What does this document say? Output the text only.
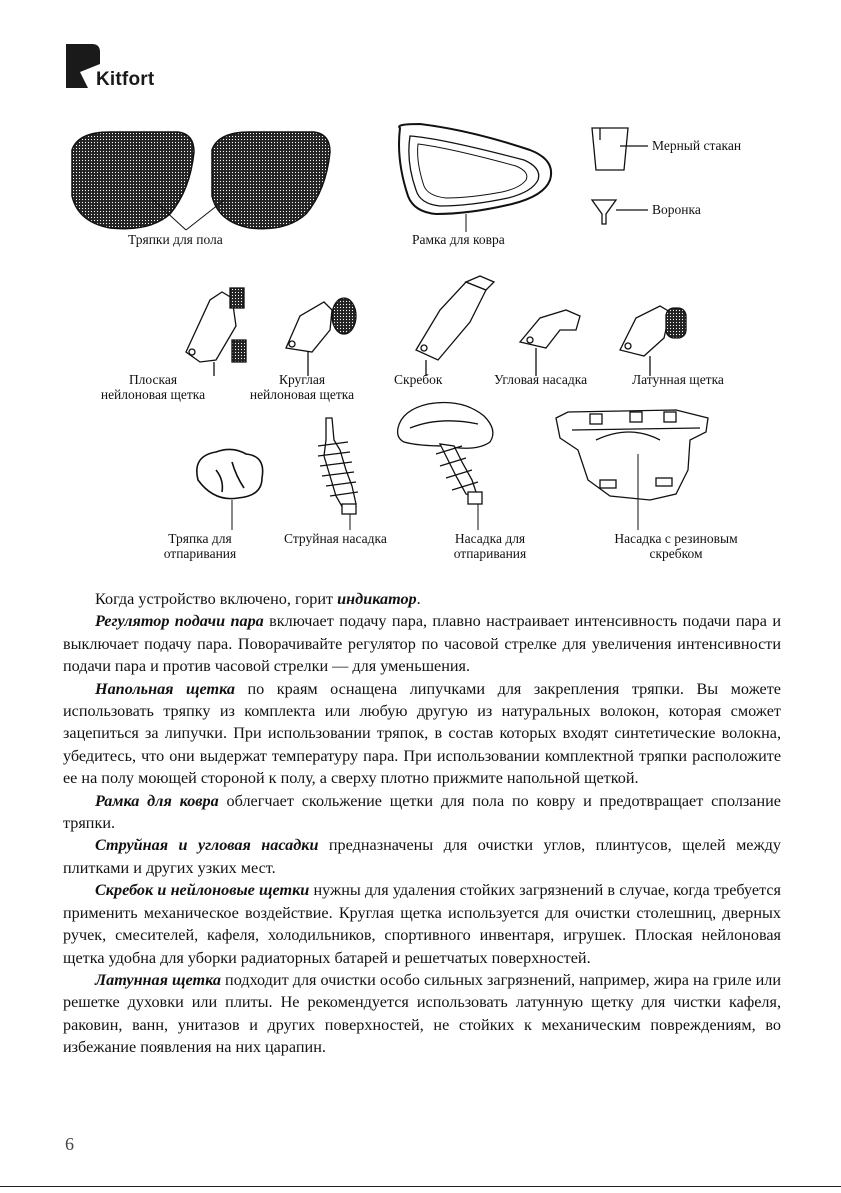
Kitfort
Тряпки для пола	Рамка для ковра
Мерный стакан
Воронка
Плоская
нейлоновая щетка
Круглая
нейлоновая щетка
Скребок	Угловая насадка	Латунная щетка
Тряпка для
отпаривания
Струйная насадка	Насадка для
отпаривания
Насадка с резиновым
скребком

Когда устройство включено, горит индикатор.

Регулятор подачи пара включает подачу пара, плавно настраивает интенсивность подачи пара и выключает подачу пара. Поворачивайте регулятор по часовой стрелке для увеличения интенсивности подачи пара и против часовой стрелки — для уменьшения.

Напольная щетка по краям оснащена липучками для закрепления тряпки. Вы можете использовать тряпку из комплекта или любую другую из натуральных волокон, которая сможет зацепиться за липучки. При использовании тряпок, в состав которых входят синтетические волокна, убедитесь, что они выдержат температуру пара. При использовании комплектной тряпки расположите ее на полу моющей стороной к полу, а сверху плотно прижмите напольной щеткой.

Рамка для ковра облегчает скольжение щетки для пола по ковру и предотвращает сползание тряпки.

Струйная и угловая насадки предназначены для очистки углов, плинтусов, щелей между плитками и других узких мест.

Скребок и нейлоновые щетки нужны для удаления стойких загрязнений в случае, когда требуется применить механическое воздействие. Круглая щетка используется для очистки столешниц, дверных ручек, смесителей, кафеля, холодильников, спортивного инвентаря, игрушек. Плоская нейлоновая щетка удобна для уборки радиаторных батарей и решетчатых поверхностей.

Латунная щетка подходит для очистки особо сильных загрязнений, например, жира на гриле или решетке духовки или плиты. Не рекомендуется использовать латунную щетку для чистки кафеля, раковин, ванн, унитазов и других поверхностей, не стойких к механическим повреждениям, во избежание появления на них царапин.

6
